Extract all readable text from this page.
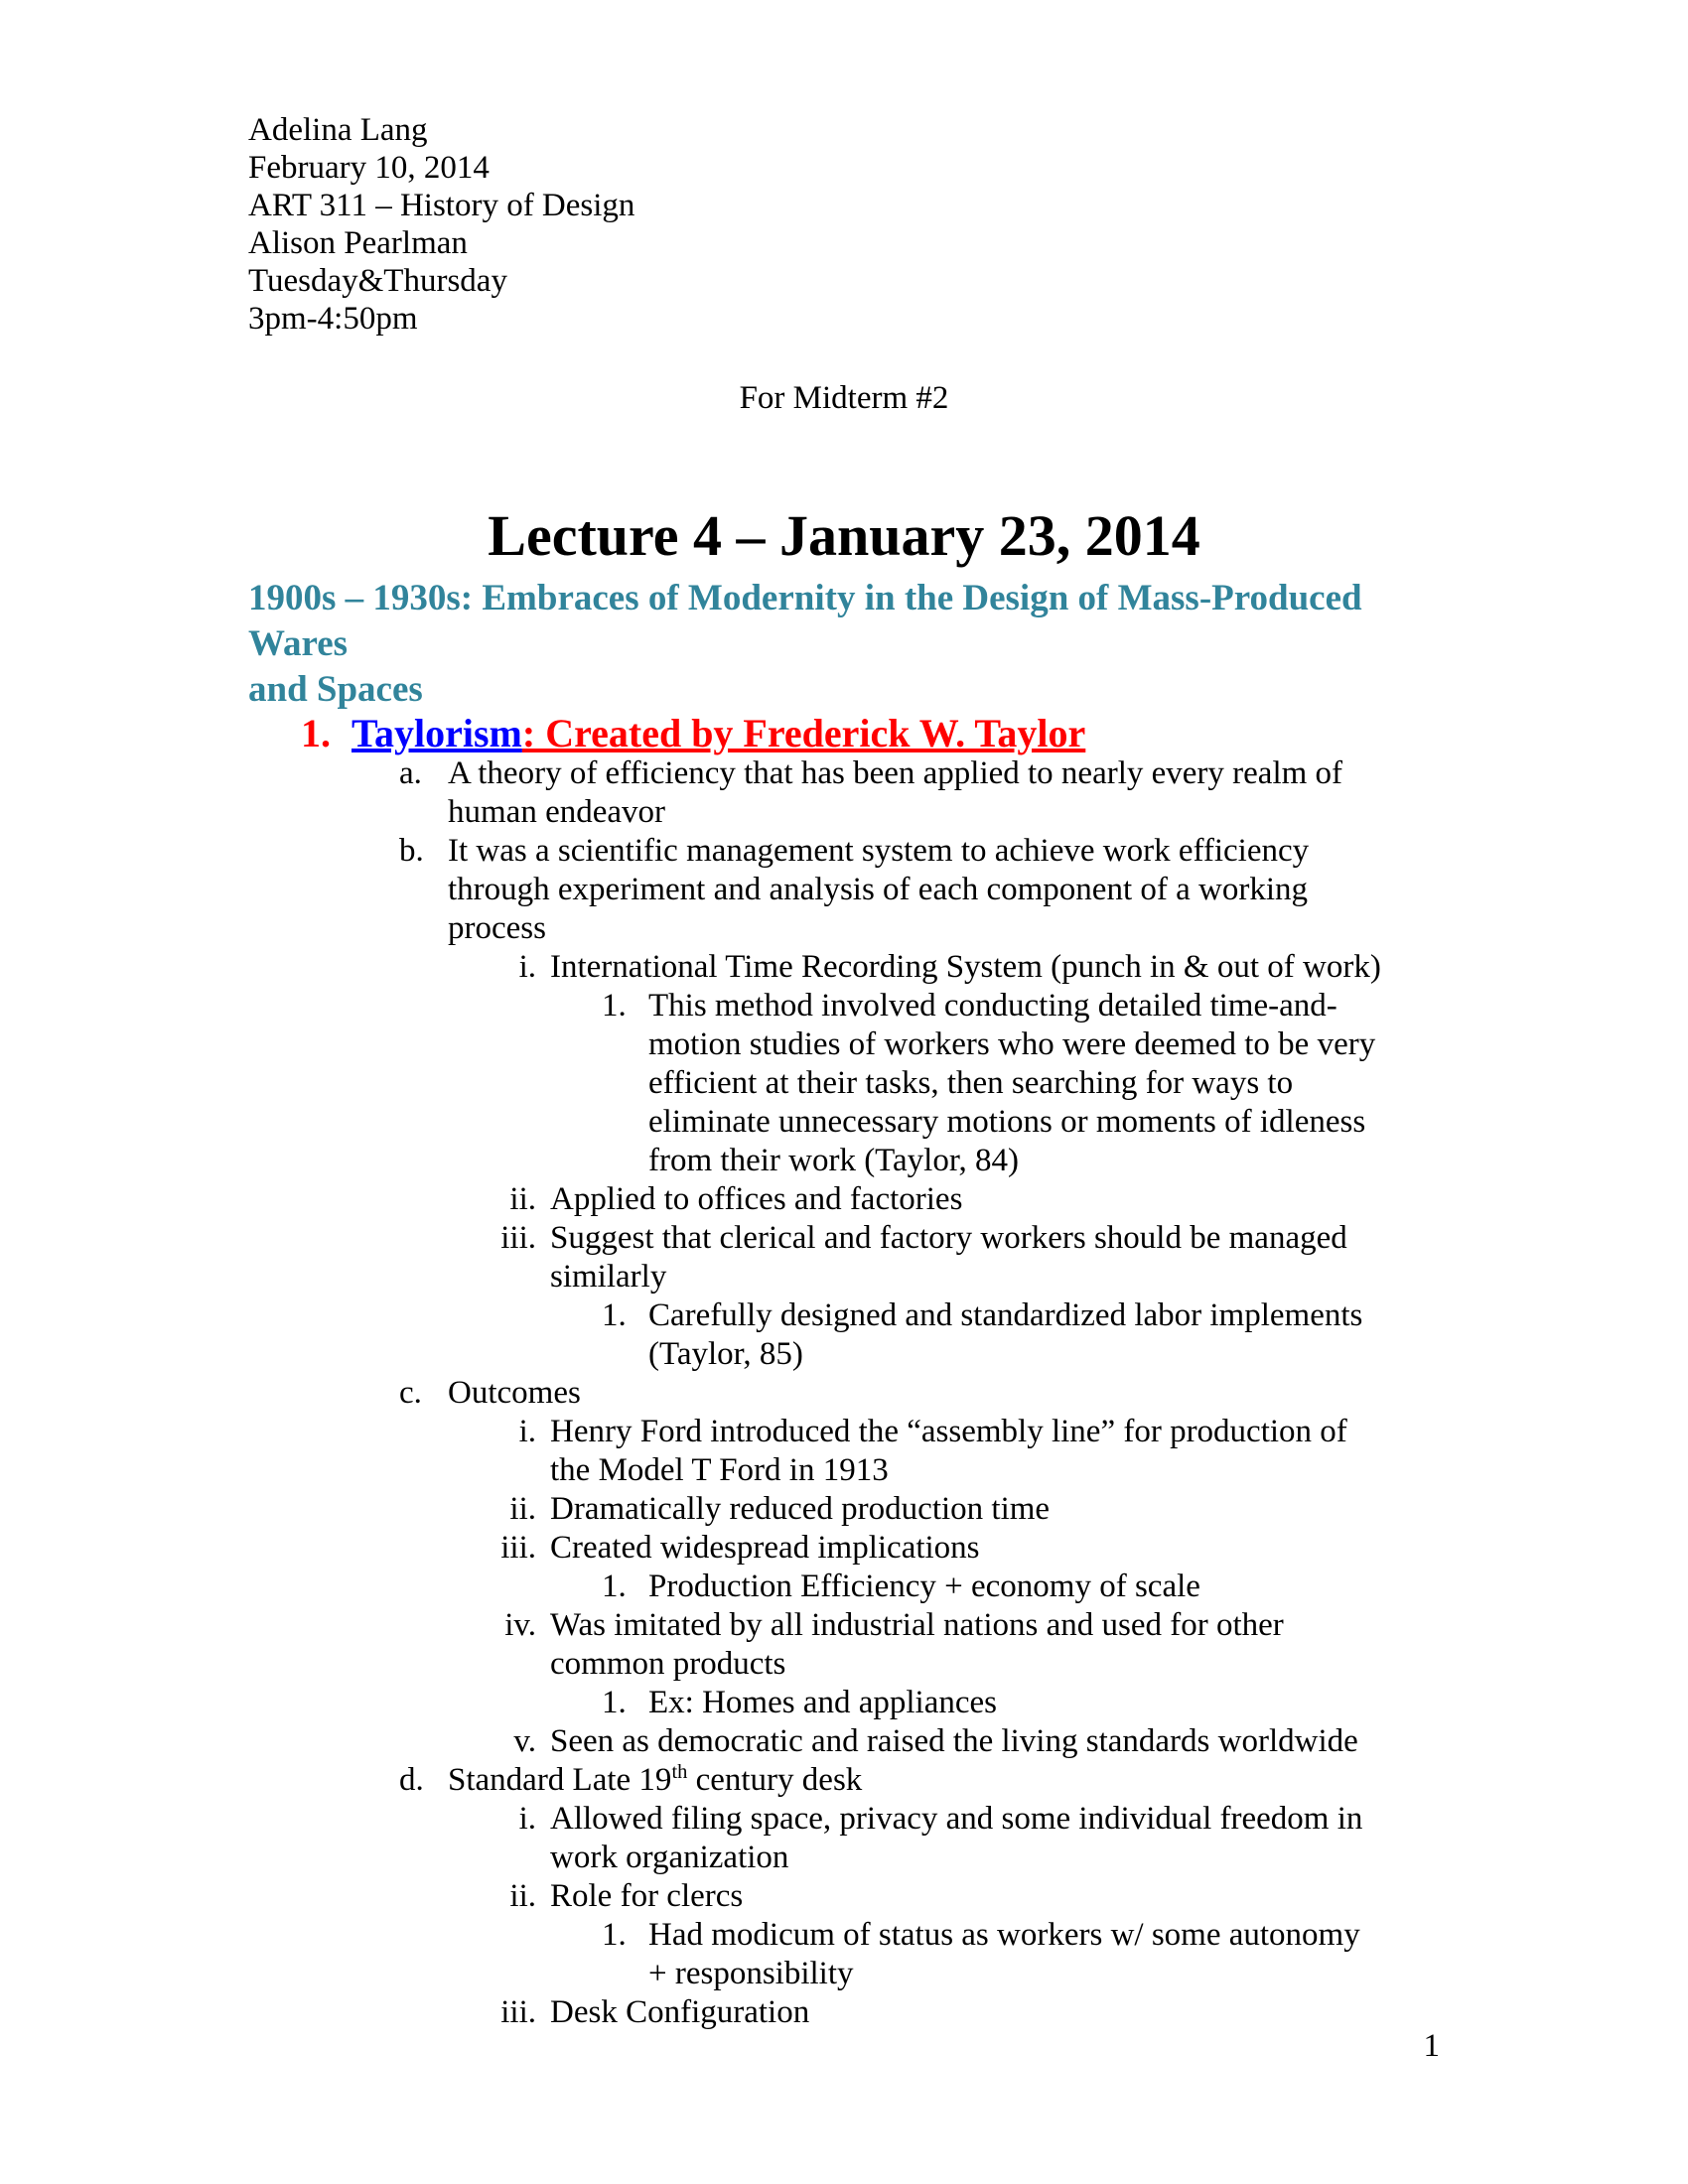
Adelina Lang
February 10, 2014
ART 311 – History of Design
Alison Pearlman
Tuesday&Thursday
3pm-4:50pm
For Midterm #2
Lecture 4 – January 23, 2014
1900s – 1930s: Embraces of Modernity in the Design of Mass-Produced Wares
and Spaces
1. Taylorism: Created by Frederick W. Taylor
a. A theory of efficiency that has been applied to nearly every realm of
human endeavor
b. It was a scientific management system to achieve work efficiency
through experiment and analysis of each component of a working
process
i. International Time Recording System (punch in & out of work)
1. This method involved conducting detailed time-and-
motion studies of workers who were deemed to be very
efficient at their tasks, then searching for ways to
eliminate unnecessary motions or moments of idleness
from their work (Taylor, 84)
ii. Applied to offices and factories
iii. Suggest that clerical and factory workers should be managed
similarly
1. Carefully designed and standardized labor implements
(Taylor, 85)
c. Outcomes
i. Henry Ford introduced the “assembly line” for production of
the Model T Ford in 1913
ii. Dramatically reduced production time
iii. Created widespread implications
1. Production Efficiency + economy of scale
iv. Was imitated by all industrial nations and used for other
common products
1. Ex: Homes and appliances
v. Seen as democratic and raised the living standards worldwide
d. Standard Late 19th century desk
i. Allowed filing space, privacy and some individual freedom in
work organization
ii. Role for clercs
1. Had modicum of status as workers w/ some autonomy
+ responsibility
iii. Desk Configuration
1
